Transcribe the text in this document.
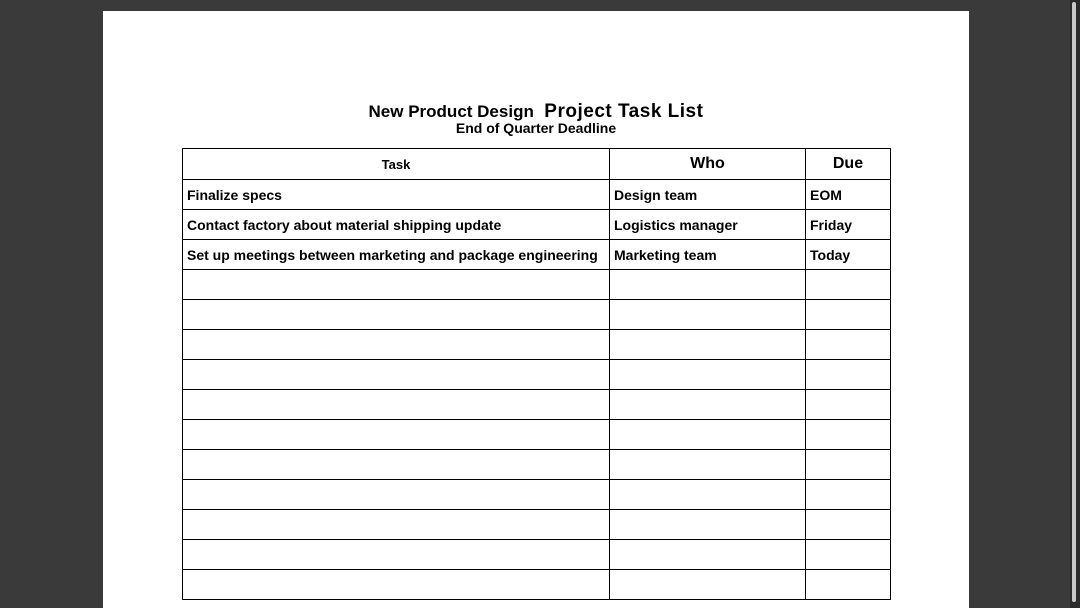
New Product Design Project Task List
End of Quarter Deadline
Task	Who	Due
Finalize specs	Design team	EOM
Contact factory about material shipping update	Logistics manager	Friday
Set up meetings between marketing and package engineering	Marketing team	Today
